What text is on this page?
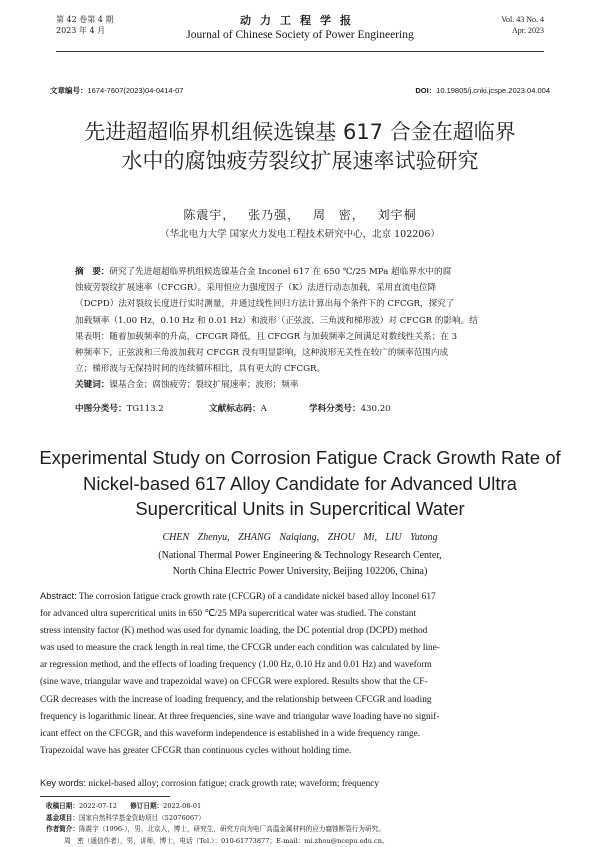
第 42 卷第 4 期
2023 年 4 月
动力工程学报
Journal of Chinese Society of Power Engineering
Vol. 43 No. 4
Apr. 2023
文章编号：1674-7607(2023)04-0414-07	DOI：10.19805/j.cnki.jcspe.2023.04.004
先进超超临界机组候选镍基 617 合金在超临界
水中的腐蚀疲劳裂纹扩展速率试验研究
陈震宇， 张乃强， 周 密， 刘宇桐
（华北电力大学 国家火力发电工程技术研究中心，北京 102206）
摘　要：研究了先进超超临界机组候选镍基合金 Inconel 617 在 650 ℃/25 MPa 超临界水中的腐
蚀疲劳裂纹扩展速率（CFCGR）。采用恒应力强度因子（K）法进行动态加载，采用直流电位降
（DCPD）法对裂纹长度进行实时测量，并通过线性回归方法计算出每个条件下的 CFCGR，探究了
加载频率（1.00 Hz，0.10 Hz 和 0.01 Hz）和波形（正弦波、三角波和梯形波）对 CFCGR 的影响。结
果表明：随着加载频率的升高，CFCGR 降低，且 CFCGR 与加载频率之间满足对数线性关系；在 3
种频率下，正弦波和三角波加载对 CFCGR 没有明显影响，这种波形无关性在较广的频率范围内成
立；梯形波与无保持时间的连续循环相比，具有更大的 CFCGR。
关键词：镍基合金；腐蚀疲劳；裂纹扩展速率；波形；频率
中图分类号：TG113.2	文献标志码：A	学科分类号：430.20
Experimental Study on Corrosion Fatigue Crack Growth Rate of
Nickel-based 617 Alloy Candidate for Advanced Ultra
Supercritical Units in Supercritical Water
CHEN Zhenyu, ZHANG Naiqiang, ZHOU Mi, LIU Yutong
(National Thermal Power Engineering & Technology Research Center,
North China Electric Power University, Beijing 102206, China)
Abstract: The corrosion fatigue crack growth rate (CFCGR) of a candidate nickel based alloy Inconel 617
for advanced ultra supercritical units in 650 ℃/25 MPa supercritical water was studied. The constant
stress intensity factor (K) method was used for dynamic loading, the DC potential drop (DCPD) method
was used to measure the crack length in real time, the CFCGR under each condition was calculated by line-
ar regression method, and the effects of loading frequency (1.00 Hz, 0.10 Hz and 0.01 Hz) and waveform
(sine wave, triangular wave and trapezoidal wave) on CFCGR were explored. Results show that the CF-
CGR decreases with the increase of loading frequency, and the relationship between CFCGR and loading
frequency is logarithmic linear. At three frequencies, sine wave and triangular wave loading have no signif-
icant effect on the CFCGR, and this waveform independence is established in a wide frequency range.
Trapezoidal wave has greater CFCGR than continuous cycles without holding time.
Key words: nickel-based alloy; corrosion fatigue; crack growth rate; waveform; frequency
收稿日期：2022-07-12　　 修订日期：2022-08-01
基金项目：国家自然科学基金资助项目（52076067）
作者简介：陈震宇（1996-），男，北京人，博士，研究生，研究方向为电厂高温金属材料的应力腐蚀断裂行为研究。
周　密（通信作者），男，讲师，博士，电话（Tel.）：010-61773877；E-mail：mi.zhou@ncepu.edu.cn。
